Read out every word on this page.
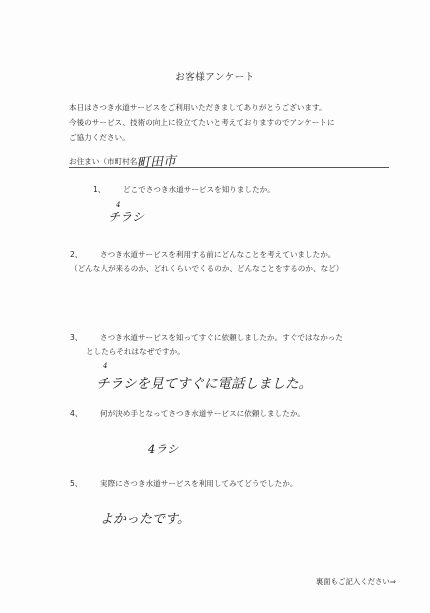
お客様アンケート
本日はさつき水道サービスをご利用いただきましてありがとうございます。
今後のサービス、技術の向上に役立てたいと考えておりますのでアンケートに
ご協力ください。
お住まい（市町村名）：
町田市
1、 どこでさつき水道サービスを知りましたか。
4
チラシ
2、 さつき水道サービスを利用する前にどんなことを考えていましたか。
（どんな人が来るのか、どれくらいでくるのか、どんなことをするのか、など）
3、 さつき水道サービスを知ってすぐに依頼しましたか。すぐではなかった
としたらそれはなぜですか。
4
チラシを見てすぐに電話しました。
4、 何が決め手となってさつき水道サービスに依頼しましたか。
4ラシ
5、 実際にさつき水道サービスを利用してみてどうでしたか。
よかったです。
裏面もご記入ください⇒
